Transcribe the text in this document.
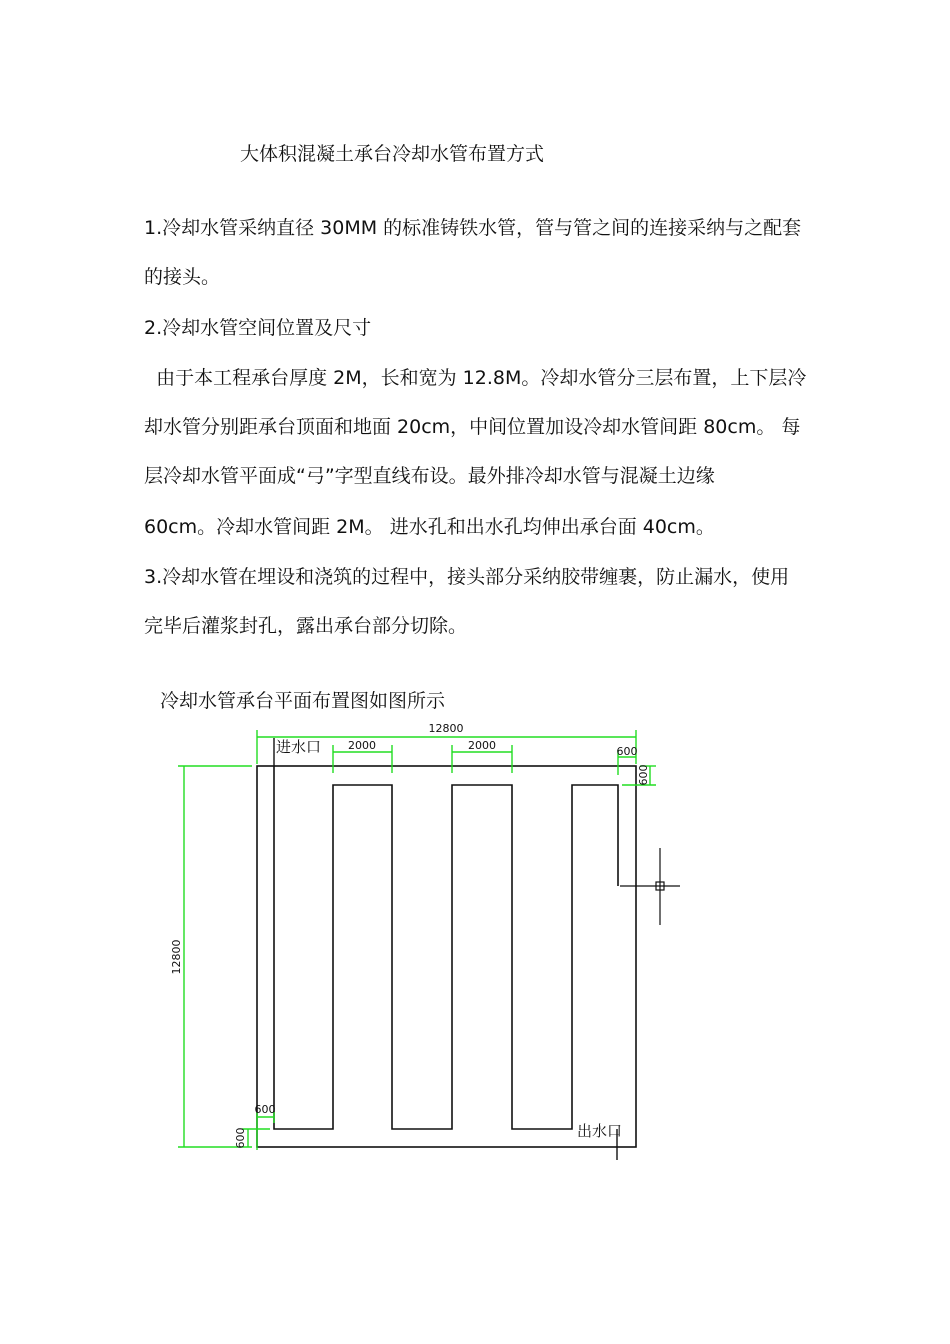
大体积混凝土承台冷却水管布置方式
1.冷却水管采纳直径 30MM 的标准铸铁水管，管与管之间的连接采纳与之配套
的接头。
2.冷却水管空间位置及尺寸
由于本工程承台厚度 2M，长和宽为 12.8M。冷却水管分三层布置，上下层冷
却水管分别距承台顶面和地面 20cm，中间位置加设冷却水管间距 80cm。 每
层冷却水管平面成“弓”字型直线布设。最外排冷却水管与混凝土边缘
60cm。冷却水管间距 2M。 进水孔和出水孔均伸出承台面 40cm。
3.冷却水管在埋设和浇筑的过程中，接头部分采纳胶带缠裹，防止漏水，使用
完毕后灌浆封孔，露出承台部分切除。
冷却水管承台平面布置图如图所示
12800
2000	2000	600
600
12800
600
600
进水口
出水口
